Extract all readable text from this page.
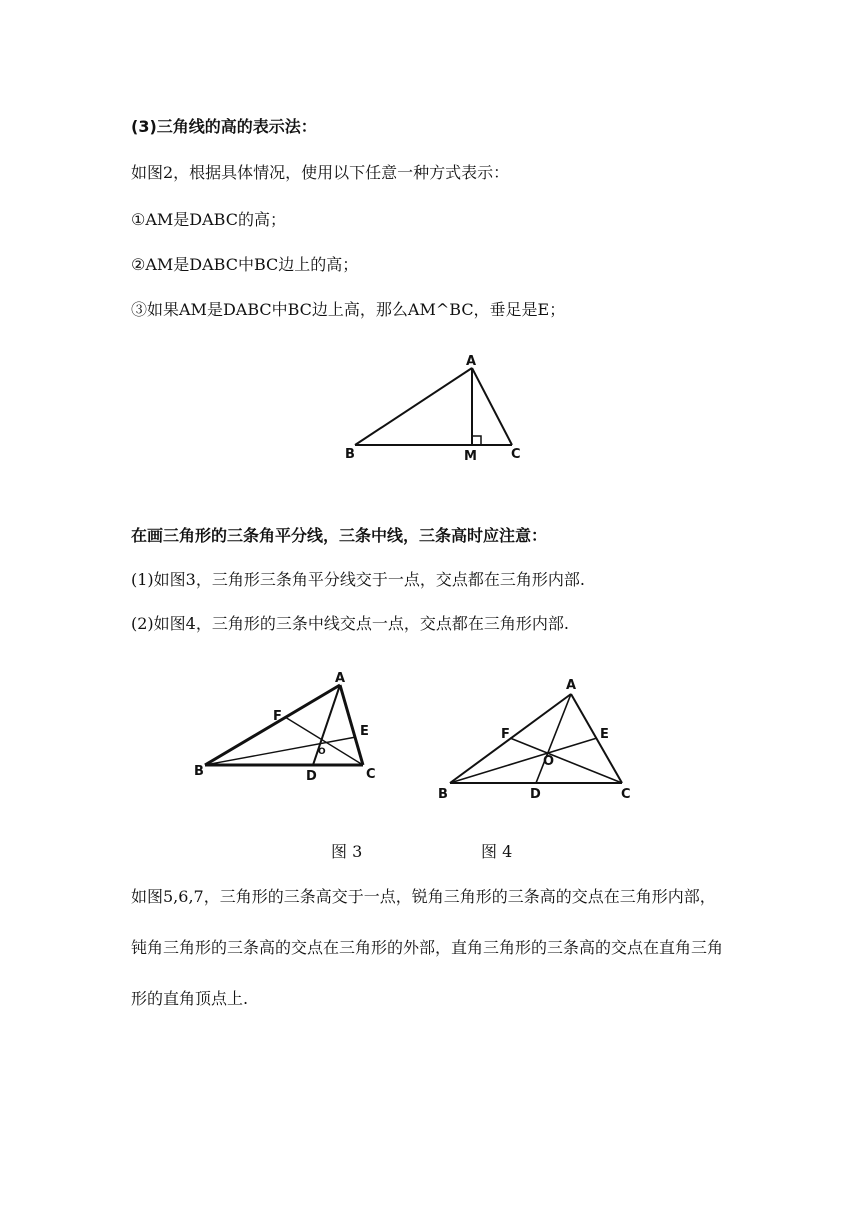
(3)三角线的高的表示法：
如图2，根据具体情况，使用以下任意一种方式表示：
①AM是DABC的高；
②AM是DABC中BC边上的高；
③如果AM是DABC中BC边上高，那么AM^BC，垂足是E；
A
B	M	C
在画三角形的三条角平分线，三条中线，三条高时应注意：
(1)如图3，三角形三条角平分线交于一点，交点都在三角形内部.
(2)如图4，三角形的三条中线交点一点，交点都在三角形内部.
A
B	C
D
E
F
O
A
B	C
D
E
F
O
图 3	图 4
如图5,6,7，三角形的三条高交于一点，锐角三角形的三条高的交点在三角形内部，钝角三角形的三条高的交点在三角形的外部，直角三角形的三条高的交点在直角三角形的直角顶点上.
